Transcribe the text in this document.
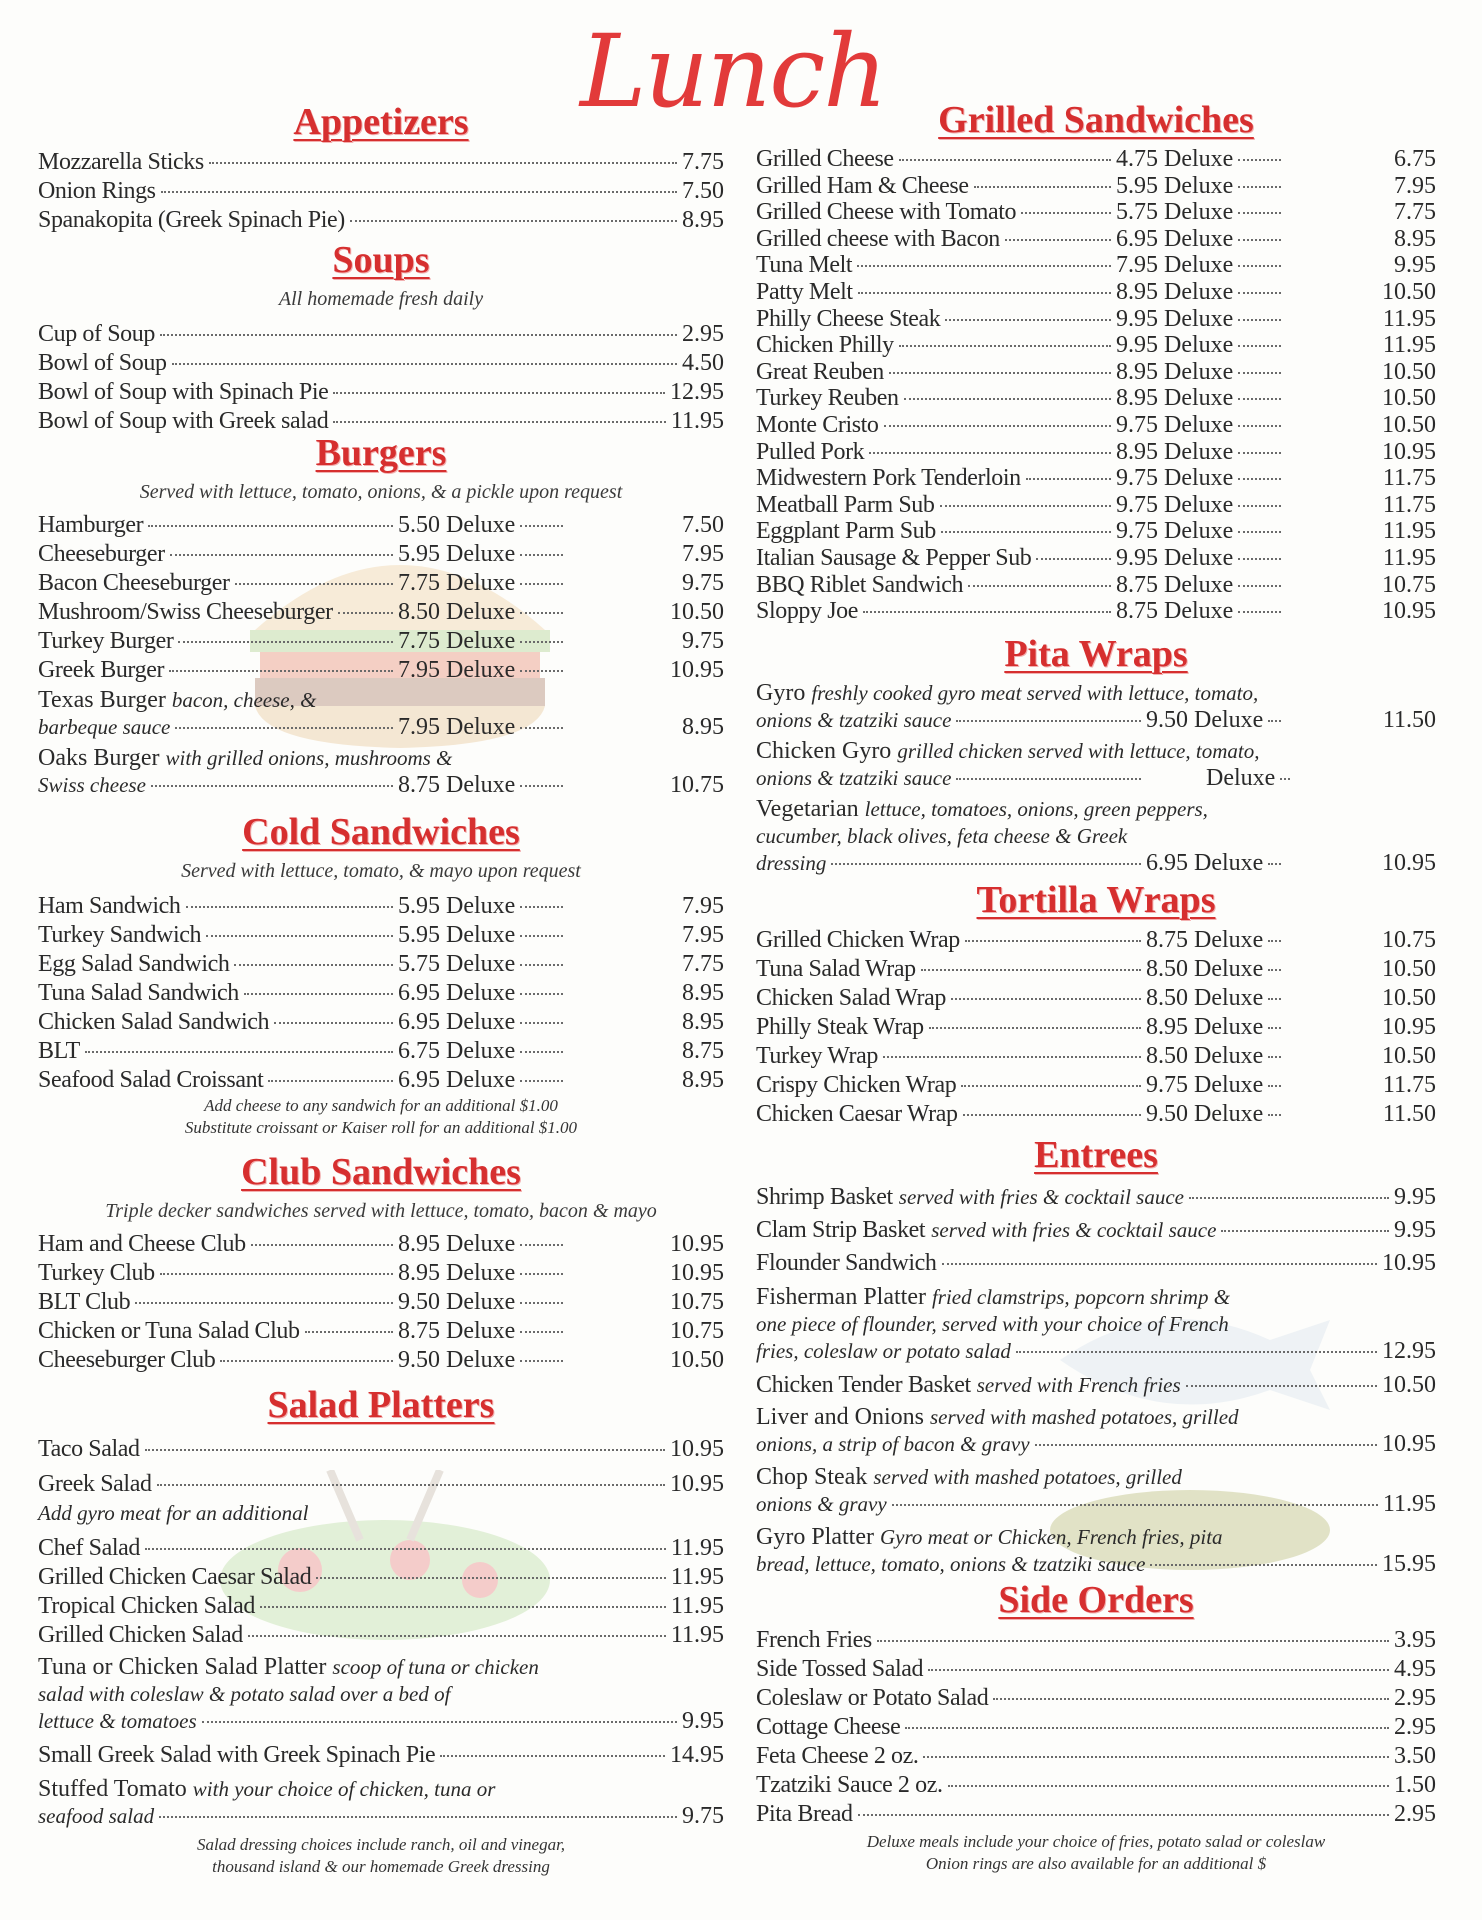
Lunch
Appetizers
Mozzarella Sticks	7.75
Onion Rings	7.50
Spanakopita (Greek Spinach Pie)	8.95
Soups
All homemade fresh daily
Cup of Soup	2.95
Bowl of Soup	4.50
Bowl of Soup with Spinach Pie	12.95
Bowl of Soup with Greek salad	11.95
Burgers
Served with lettuce, tomato, onions, & a pickle upon request
Hamburger	5.50 Deluxe	7.50
Cheeseburger	5.95 Deluxe	7.95
Bacon Cheeseburger	7.75 Deluxe	9.75
Mushroom/Swiss Cheeseburger	8.50 Deluxe	10.50
Turkey Burger	7.75 Deluxe	9.75
Greek Burger	7.95 Deluxe	10.95
Texas Burger bacon, cheese, &
barbeque sauce	7.95 Deluxe	8.95
Oaks Burger with grilled onions, mushrooms &
Swiss cheese	8.75 Deluxe	10.75
Cold Sandwiches
Served with lettuce, tomato, & mayo upon request
Ham Sandwich	5.95 Deluxe	7.95
Turkey Sandwich	5.95 Deluxe	7.95
Egg Salad Sandwich	5.75 Deluxe	7.75
Tuna Salad Sandwich	6.95 Deluxe	8.95
Chicken Salad Sandwich	6.95 Deluxe	8.95
BLT	6.75 Deluxe	8.75
Seafood Salad Croissant	6.95 Deluxe	8.95
Add cheese to any sandwich for an additional $1.00
Substitute croissant or Kaiser roll for an additional $1.00
Club Sandwiches
Triple decker sandwiches served with lettuce, tomato, bacon & mayo
Ham and Cheese Club	8.95 Deluxe	10.95
Turkey Club	8.95 Deluxe	10.95
BLT Club	9.50 Deluxe	10.75
Chicken or Tuna Salad Club	8.75 Deluxe	10.75
Cheeseburger Club	9.50 Deluxe	10.50
Salad Platters
Taco Salad	10.95
Greek Salad	10.95
Add gyro meat for an additional
Chef Salad	11.95
Grilled Chicken Caesar Salad	11.95
Tropical Chicken Salad	11.95
Grilled Chicken Salad	11.95
Tuna or Chicken Salad Platter scoop of tuna or chicken
salad with coleslaw & potato salad over a bed of
lettuce & tomatoes	9.95
Small Greek Salad with Greek Spinach Pie	14.95
Stuffed Tomato with your choice of chicken, tuna or
seafood salad	9.75
Salad dressing choices include ranch, oil and vinegar,
thousand island & our homemade Greek dressing
Grilled Sandwiches
Grilled Cheese	4.75 Deluxe	6.75
Grilled Ham & Cheese	5.95 Deluxe	7.95
Grilled Cheese with Tomato	5.75 Deluxe	7.75
Grilled cheese with Bacon	6.95 Deluxe	8.95
Tuna Melt	7.95 Deluxe	9.95
Patty Melt	8.95 Deluxe	10.50
Philly Cheese Steak	9.95 Deluxe	11.95
Chicken Philly	9.95 Deluxe	11.95
Great Reuben	8.95 Deluxe	10.50
Turkey Reuben	8.95 Deluxe	10.50
Monte Cristo	9.75 Deluxe	10.50
Pulled Pork	8.95 Deluxe	10.95
Midwestern Pork Tenderloin	9.75 Deluxe	11.75
Meatball Parm Sub	9.75 Deluxe	11.75
Eggplant Parm Sub	9.75 Deluxe	11.95
Italian Sausage & Pepper Sub	9.95 Deluxe	11.95
BBQ Riblet Sandwich	8.75 Deluxe	10.75
Sloppy Joe	8.75 Deluxe	10.95
Pita Wraps
Gyro freshly cooked gyro meat served with lettuce, tomato,
onions & tzatziki sauce	9.50 Deluxe	11.50
Chicken Gyro grilled chicken served with lettuce, tomato,
onions & tzatziki sauce	Deluxe
Vegetarian lettuce, tomatoes, onions, green peppers,
cucumber, black olives, feta cheese & Greek
dressing	6.95 Deluxe	10.95
Tortilla Wraps
Grilled Chicken Wrap	8.75 Deluxe	10.75
Tuna Salad Wrap	8.50 Deluxe	10.50
Chicken Salad Wrap	8.50 Deluxe	10.50
Philly Steak Wrap	8.95 Deluxe	10.95
Turkey Wrap	8.50 Deluxe	10.50
Crispy Chicken Wrap	9.75 Deluxe	11.75
Chicken Caesar Wrap	9.50 Deluxe	11.50
Entrees
Shrimp Basket
served with fries & cocktail sauce	9.95
Clam Strip Basket
served with fries & cocktail sauce	9.95
Flounder Sandwich	10.95
Fisherman Platter fried clamstrips, popcorn shrimp &
one piece of flounder, served with your choice of French
fries, coleslaw or potato salad	12.95
Chicken Tender Basket
served with French fries	10.50
Liver and Onions served with mashed potatoes, grilled
onions, a strip of bacon & gravy	10.95
Chop Steak served with mashed potatoes, grilled
onions & gravy	11.95
Gyro Platter Gyro meat or Chicken, French fries, pita
bread, lettuce, tomato, onions & tzatziki sauce	15.95
Side Orders
French Fries	3.95
Side Tossed Salad	4.95
Coleslaw or Potato Salad	2.95
Cottage Cheese	2.95
Feta Cheese 2 oz.	3.50
Tzatziki Sauce 2 oz.	1.50
Pita Bread	2.95
Deluxe meals include your choice of fries, potato salad or coleslaw
Onion rings are also available for an additional $
